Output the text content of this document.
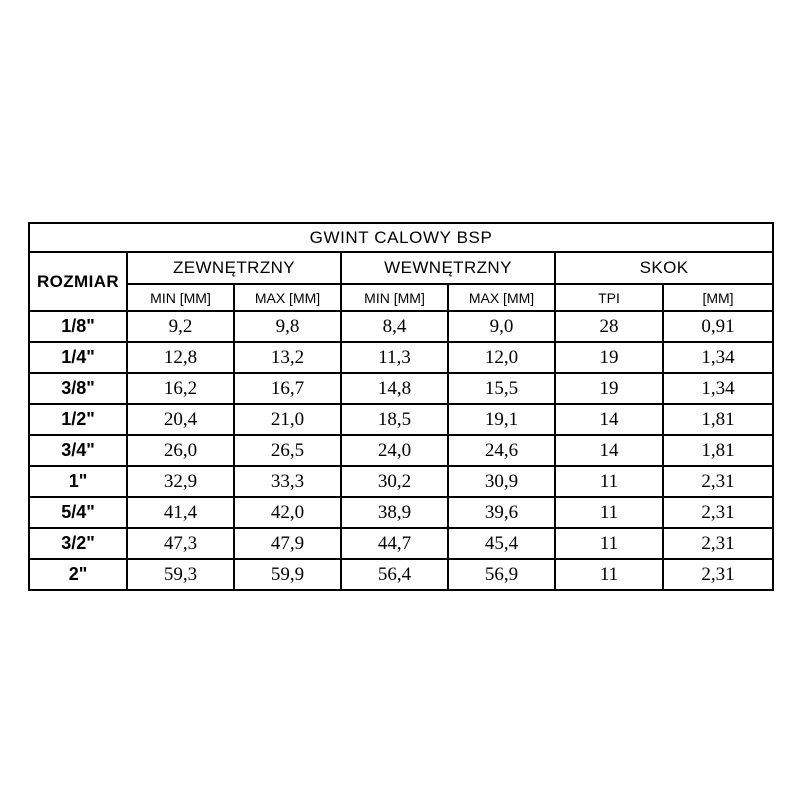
GWINT CALOWY BSP						
ROZMIAR	ZEWNĘTRZNY		WEWNĘTRZNY		SKOK	
	MIN [MM]	MAX [MM]	MIN [MM]	MAX [MM]	TPI	[MM]
1/8"	9,2	9,8	8,4	9,0	28	0,91
1/4"	12,8	13,2	11,3	12,0	19	1,34
3/8"	16,2	16,7	14,8	15,5	19	1,34
1/2"	20,4	21,0	18,5	19,1	14	1,81
3/4"	26,0	26,5	24,0	24,6	14	1,81
1"	32,9	33,3	30,2	30,9	11	2,31
5/4"	41,4	42,0	38,9	39,6	11	2,31
3/2"	47,3	47,9	44,7	45,4	11	2,31
2"	59,3	59,9	56,4	56,9	11	2,31
